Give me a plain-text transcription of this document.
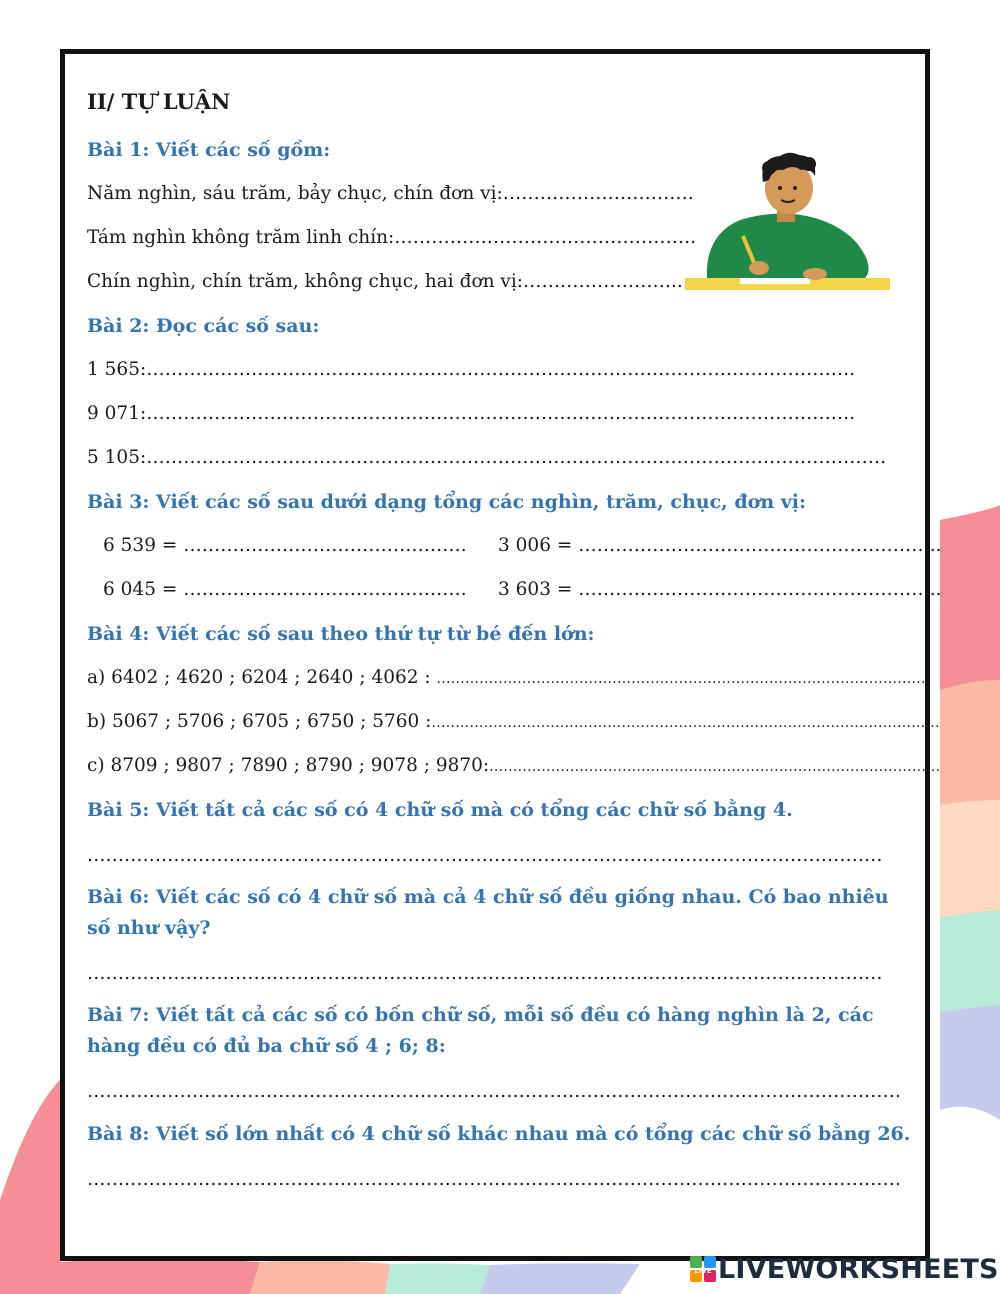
II/ TỰ LUẬN
Bài 1: Viết các số gồm:
Năm nghìn, sáu trăm, bảy chục, chín đơn vị:………………………….
Tám nghìn không trăm linh chín:………………………………………….
Chín nghìn, chín trăm, không chục, hai đơn vị:……………………..
Bài 2: Đọc các số sau:
1 565:…………………………………………………………………………………………………….
9 071:…………………………………………………………………………………………………….
5 105:…………………………………………………………………………………………………………
Bài 3: Viết các số sau dưới dạng tổng các nghìn, trăm, chục, đơn vị:
6 539 = ………………………………………. 3 006 = …………………………………………………..
6 045 = ………………………………………. 3 603 = …………………………………………………..
Bài 4: Viết các số sau theo thứ tự từ bé đến lớn:
a) 6402 ; 4620 ; 6204 ; 2640 ; 4062 : ........................................................................................................
b) 5067 ; 5706 ; 6705 ; 6750 ; 5760 :...........................................................................................................
c) 8709 ; 9807 ; 7890 ; 8790 ; 9078 ; 9870:...............................................................................................
Bài 5: Viết tất cả các số có 4 chữ số mà có tổng các chữ số bằng 4.
…………………………………………………………………………………………………………………
Bài 6: Viết các số có 4 chữ số mà cả 4 chữ số đều giống nhau. Có bao nhiêu số như vậy?
…………………………………………………………………………………………………………………
Bài 7: Viết tất cả các số có bốn chữ số, mỗi số đều có hàng nghìn là 2, các hàng đều có đủ ba chữ số 4 ; 6; 8:
……………………………………………………………………………………………………………………
Bài 8: Viết số lớn nhất có 4 chữ số khác nhau mà có tổng các chữ số bằng 26.
……………………………………………………………………………………………………………………
LIVE LIVEWORKSHEETS
